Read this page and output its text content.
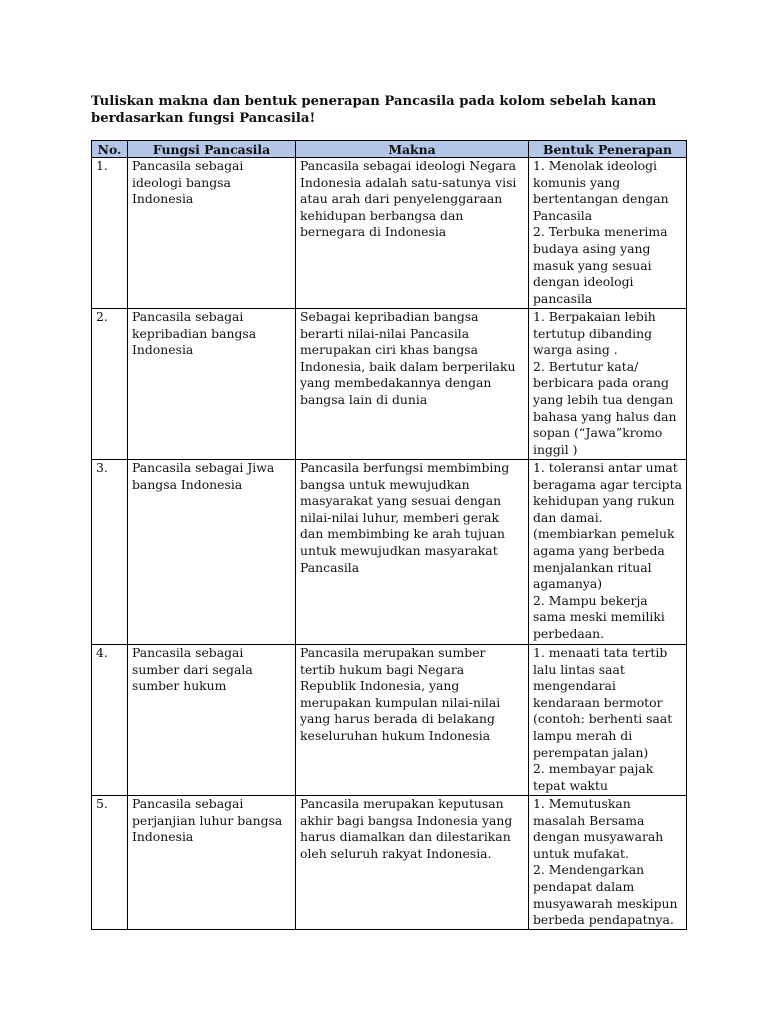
Tuliskan makna dan bentuk penerapan Pancasila pada kolom sebelah kanan berdasarkan fungsi Pancasila!
No.	Fungsi Pancasila	Makna	Bentuk Penerapan
1.	Pancasila sebagai ideologi bangsa Indonesia	Pancasila sebagai ideologi Negara Indonesia adalah satu-satunya visi atau arah dari penyelenggaraan kehidupan berbangsa dan bernegara di Indonesia	1. Menolak ideologi komunis yang bertentangan dengan Pancasila
2. Terbuka menerima budaya asing yang masuk yang sesuai dengan ideologi pancasila

2.	Pancasila sebagai kepribadian bangsa Indonesia	Sebagai kepribadian bangsa berarti nilai-nilai Pancasila merupakan ciri khas bangsa Indonesia, baik dalam berperilaku yang membedakannya dengan bangsa lain di dunia	1. Berpakaian lebih tertutup dibanding warga asing .
2. Bertutur kata/ berbicara pada orang yang lebih tua dengan bahasa yang halus dan sopan (“Jawa”kromo inggil )

3.	Pancasila sebagai Jiwa bangsa Indonesia	Pancasila berfungsi membimbing bangsa untuk mewujudkan masyarakat yang sesuai dengan nilai-nilai luhur, memberi gerak dan membimbing ke arah tujuan untuk mewujudkan masyarakat Pancasila	1. toleransi antar umat beragama agar tercipta kehidupan yang rukun dan damai.
(membiarkan pemeluk agama yang berbeda menjalankan ritual agamanya)
2. Mampu bekerja sama meski memiliki perbedaan.

4.	Pancasila sebagai sumber dari segala sumber hukum	Pancasila merupakan sumber tertib hukum bagi Negara Republik Indonesia, yang merupakan kumpulan nilai-nilai yang harus berada di belakang keseluruhan hukum Indonesia	1. menaati tata tertib lalu lintas saat mengendarai kendaraan bermotor (contoh: berhenti saat lampu merah di perempatan jalan)
2. membayar pajak tepat waktu

5.	Pancasila sebagai perjanjian luhur bangsa Indonesia	Pancasila merupakan keputusan akhir bagi bangsa Indonesia yang harus diamalkan dan dilestarikan oleh seluruh rakyat Indonesia.	1. Memutuskan masalah Bersama dengan musyawarah untuk mufakat.
2. Mendengarkan pendapat dalam musyawarah meskipun berbeda pendapatnya.
